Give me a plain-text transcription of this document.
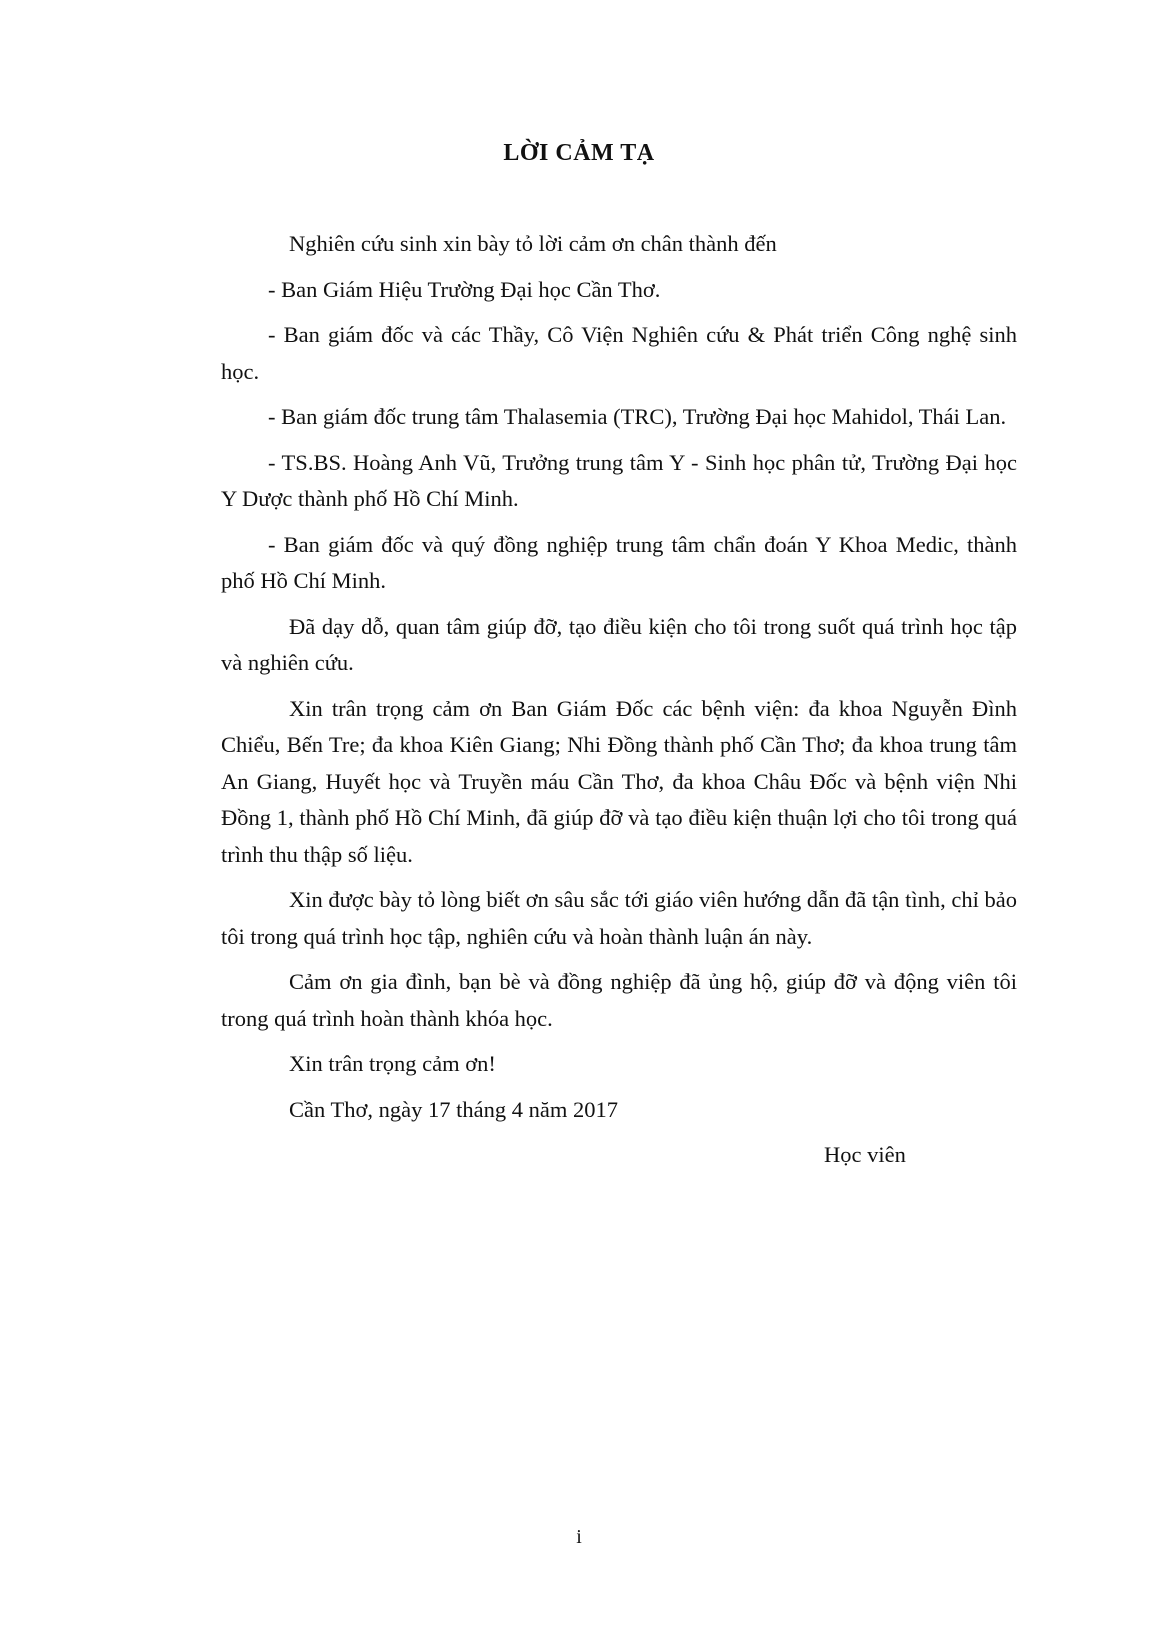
LỜI CẢM TẠ

Nghiên cứu sinh xin bày tỏ lời cảm ơn chân thành đến

- Ban Giám Hiệu Trường Đại học Cần Thơ.

- Ban giám đốc và các Thầy, Cô Viện Nghiên cứu & Phát triển Công nghệ sinh học.

- Ban giám đốc trung tâm Thalasemia (TRC), Trường Đại học Mahidol, Thái Lan.

- TS.BS. Hoàng Anh Vũ, Trưởng trung tâm Y - Sinh học phân tử, Trường Đại học Y Dược thành phố Hồ Chí Minh.

- Ban giám đốc và quý đồng nghiệp trung tâm chẩn đoán Y Khoa Medic, thành phố Hồ Chí Minh.

Đã dạy dỗ, quan tâm giúp đỡ, tạo điều kiện cho tôi trong suốt quá trình học tập và nghiên cứu.

Xin trân trọng cảm ơn Ban Giám Đốc các bệnh viện: đa khoa Nguyễn Đình Chiểu, Bến Tre; đa khoa Kiên Giang; Nhi Đồng thành phố Cần Thơ; đa khoa trung tâm An Giang, Huyết học và Truyền máu Cần Thơ, đa khoa Châu Đốc và bệnh viện Nhi Đồng 1, thành phố Hồ Chí Minh, đã giúp đỡ và tạo điều kiện thuận lợi cho tôi trong quá trình thu thập số liệu.

Xin được bày tỏ lòng biết ơn sâu sắc tới giáo viên hướng dẫn đã tận tình, chỉ bảo tôi trong quá trình học tập, nghiên cứu và hoàn thành luận án này.

Cảm ơn gia đình, bạn bè và đồng nghiệp đã ủng hộ, giúp đỡ và động viên tôi trong quá trình hoàn thành khóa học.

Xin trân trọng cảm ơn!

Cần Thơ, ngày 17 tháng 4 năm 2017

Học viên

i
